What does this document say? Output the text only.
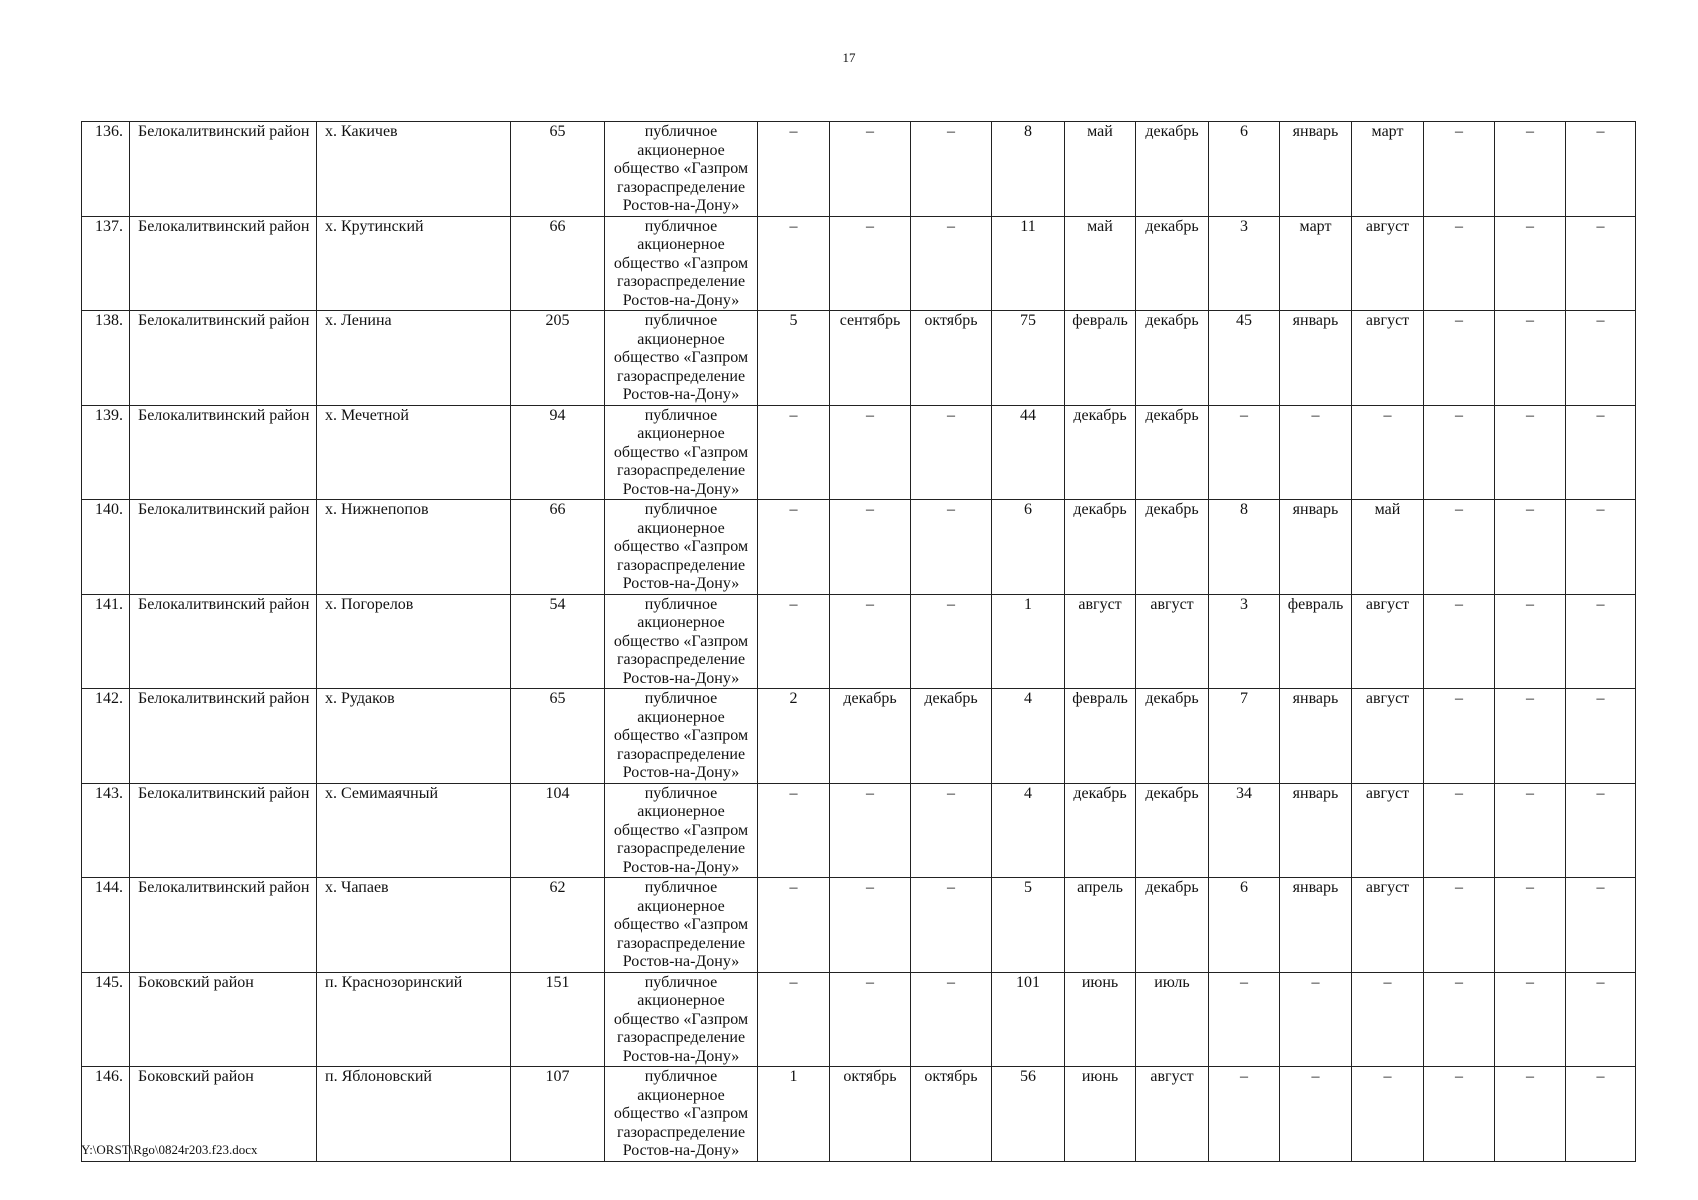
17
136.	Белокалитвинский район	х. Какичев	65	публичное акционерное общество «Газпром газораспределение Ростов-на-Дону»	–	–	–	8	май	декабрь	6	январь	март	–	–	–
137.	Белокалитвинский район	х. Крутинский	66	публичное акционерное общество «Газпром газораспределение Ростов-на-Дону»	–	–	–	11	май	декабрь	3	март	август	–	–	–
138.	Белокалитвинский район	х. Ленина	205	публичное акционерное общество «Газпром газораспределение Ростов-на-Дону»	5	сентябрь	октябрь	75	февраль	декабрь	45	январь	август	–	–	–
139.	Белокалитвинский район	х. Мечетной	94	публичное акционерное общество «Газпром газораспределение Ростов-на-Дону»	–	–	–	44	декабрь	декабрь	–	–	–	–	–	–
140.	Белокалитвинский район	х. Нижнепопов	66	публичное акционерное общество «Газпром газораспределение Ростов-на-Дону»	–	–	–	6	декабрь	декабрь	8	январь	май	–	–	–
141.	Белокалитвинский район	х. Погорелов	54	публичное акционерное общество «Газпром газораспределение Ростов-на-Дону»	–	–	–	1	август	август	3	февраль	август	–	–	–
142.	Белокалитвинский район	х. Рудаков	65	публичное акционерное общество «Газпром газораспределение Ростов-на-Дону»	2	декабрь	декабрь	4	февраль	декабрь	7	январь	август	–	–	–
143.	Белокалитвинский район	х. Семимаячный	104	публичное акционерное общество «Газпром газораспределение Ростов-на-Дону»	–	–	–	4	декабрь	декабрь	34	январь	август	–	–	–
144.	Белокалитвинский район	х. Чапаев	62	публичное акционерное общество «Газпром газораспределение Ростов-на-Дону»	–	–	–	5	апрель	декабрь	6	январь	август	–	–	–
145.	Боковский район	п. Краснозоринский	151	публичное акционерное общество «Газпром газораспределение Ростов-на-Дону»	–	–	–	101	июнь	июль	–	–	–	–	–	–
146.	Боковский район	п. Яблоновский	107	публичное акционерное общество «Газпром газораспределение Ростов-на-Дону»	1	октябрь	октябрь	56	июнь	август	–	–	–	–	–	–
Y:\ORST\Rgo\0824r203.f23.docx
